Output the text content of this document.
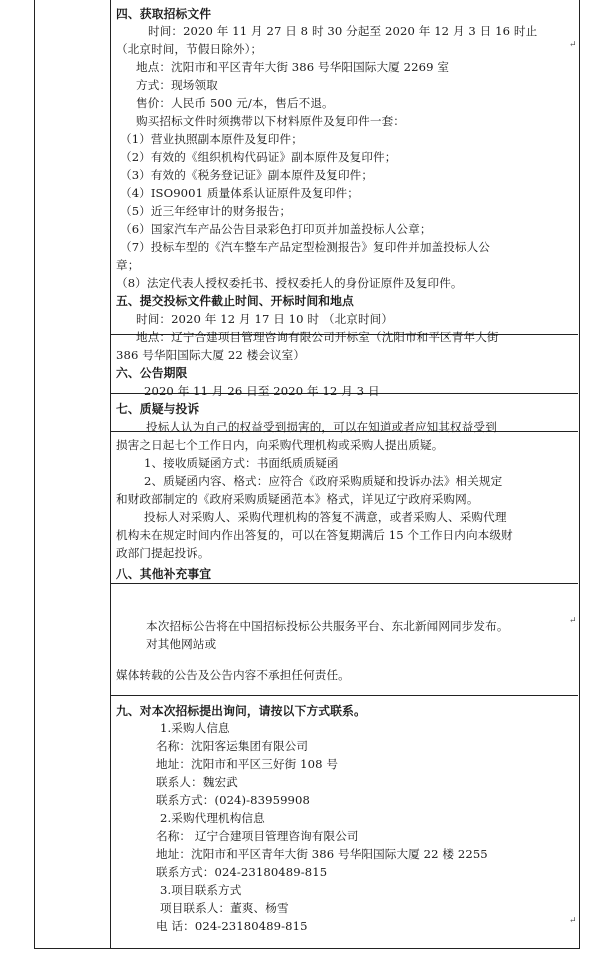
四、获取招标文件
时间：2020 年 11 月 27 日 8 时 30 分起至 2020 年 12 月 3 日 16 时止
（北京时间，节假日除外）；
地点：沈阳市和平区青年大街 386 号华阳国际大厦 2269 室
方式：现场领取
售价：人民币 500 元/本，售后不退。
购买招标文件时须携带以下材料原件及复印件一套：
（1）营业执照副本原件及复印件；
（2）有效的《组织机构代码证》副本原件及复印件；
（3）有效的《税务登记证》副本原件及复印件；
（4）ISO9001 质量体系认证原件及复印件；
（5）近三年经审计的财务报告；
（6）国家汽车产品公告目录彩色打印页并加盖投标人公章；
（7）投标车型的《汽车整车产品定型检测报告》复印件并加盖投标人公
章；
（8）法定代表人授权委托书、授权委托人的身份证原件及复印件。
五、提交投标文件截止时间、开标时间和地点
时间：2020 年 12 月 17 日 10 时 （北京时间）
地点：辽宁合建项目管理咨询有限公司开标室（沈阳市和平区青年大街
386 号华阳国际大厦 22 楼会议室）
六、公告期限
2020 年 11 月 26 日至 2020 年 12 月 3 日
七、质疑与投诉
投标人认为自己的权益受到损害的，可以在知道或者应知其权益受到
损害之日起七个工作日内，向采购代理机构或采购人提出质疑。
1、接收质疑函方式：书面纸质质疑函
2、质疑函内容、格式：应符合《政府采购质疑和投诉办法》相关规定
和财政部制定的《政府采购质疑函范本》格式，详见辽宁政府采购网。
投标人对采购人、采购代理机构的答复不满意，或者采购人、采购代理
机构未在规定时间内作出答复的，可以在答复期满后 15 个工作日内向本级财
政部门提起投诉。
八、其他补充事宜
本次招标公告将在中国招标投标公共服务平台、东北新闻网同步发布。
对其他网站或
媒体转载的公告及公告内容不承担任何责任。
九、对本次招标提出询问，请按以下方式联系。
1.采购人信息
名称：沈阳客运集团有限公司
地址：沈阳市和平区三好街 108 号
联系人：魏宏武
联系方式：(024)-83959908
2.采购代理机构信息
名称： 辽宁合建项目管理咨询有限公司
地址：沈阳市和平区青年大街 386 号华阳国际大厦 22 楼 2255
联系方式：024-23180489-815
3.项目联系方式
项目联系人：董爽、杨雪
电 话：024-23180489-815
↵
↵
↵
